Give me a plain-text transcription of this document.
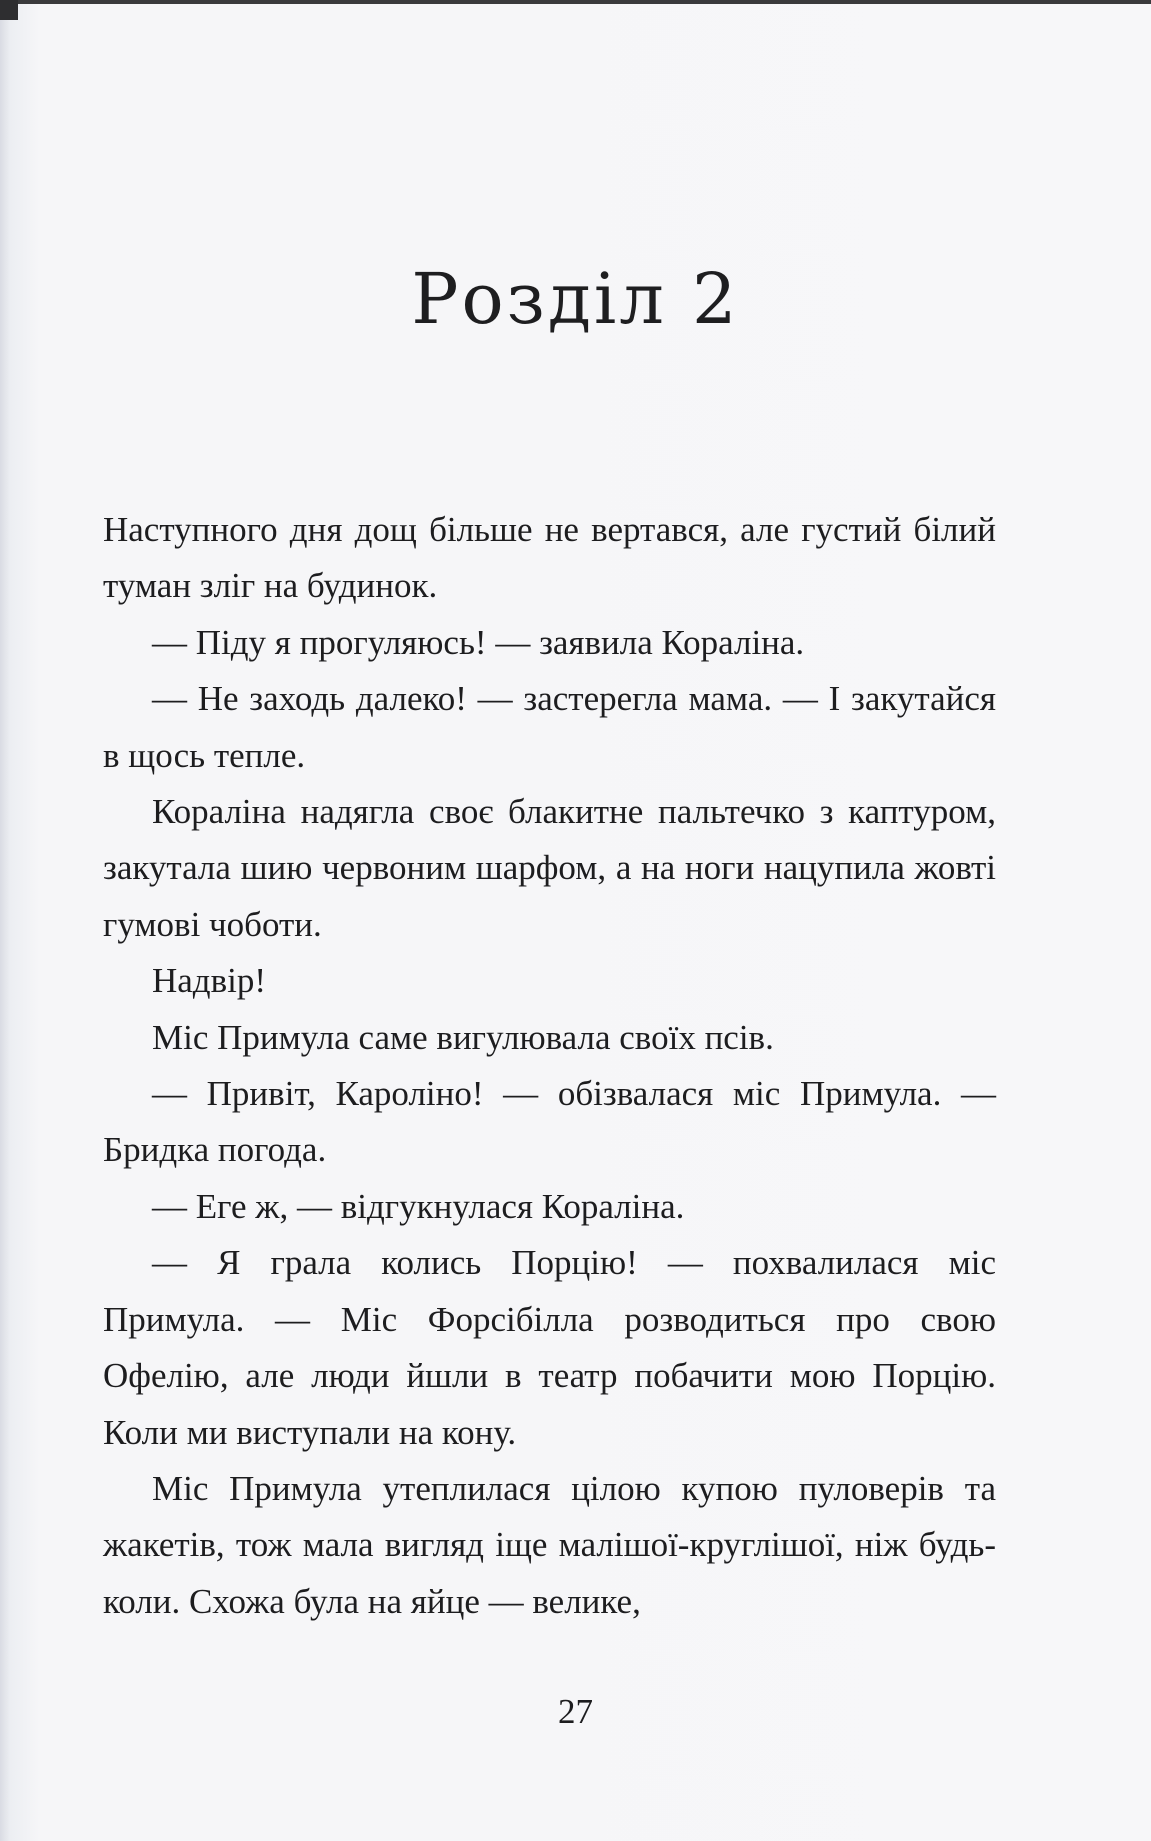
Розділ 2

Наступного дня дощ більше не вертався, але густий білий туман зліг на будинок.

— Піду я прогуляюсь! — заявила Кораліна.

— Не заходь далеко! — застерегла мама. — І закутайся в щось тепле.

Кораліна надягла своє блакитне пальтечко з каптуром, закутала шию червоним шарфом, а на ноги нацупила жовті гумові чоботи.

Надвір!

Міс Примула саме вигулювала своїх псів.

— Привіт, Кароліно! — обізвалася міс Примула. — Бридка погода.

— Еге ж, — відгукнулася Кораліна.

— Я грала колись Порцію! — похвалилася міс Примула. — Міс Форсібілла розводиться про свою Офелію, але люди йшли в театр побачити мою Порцію. Коли ми виступали на кону.

Міс Примула утеплилася цілою купою пуловерів та жакетів, тож мала вигляд іще малішої-круглішої, ніж будь-коли. Схожа була на яйце — велике,

27
